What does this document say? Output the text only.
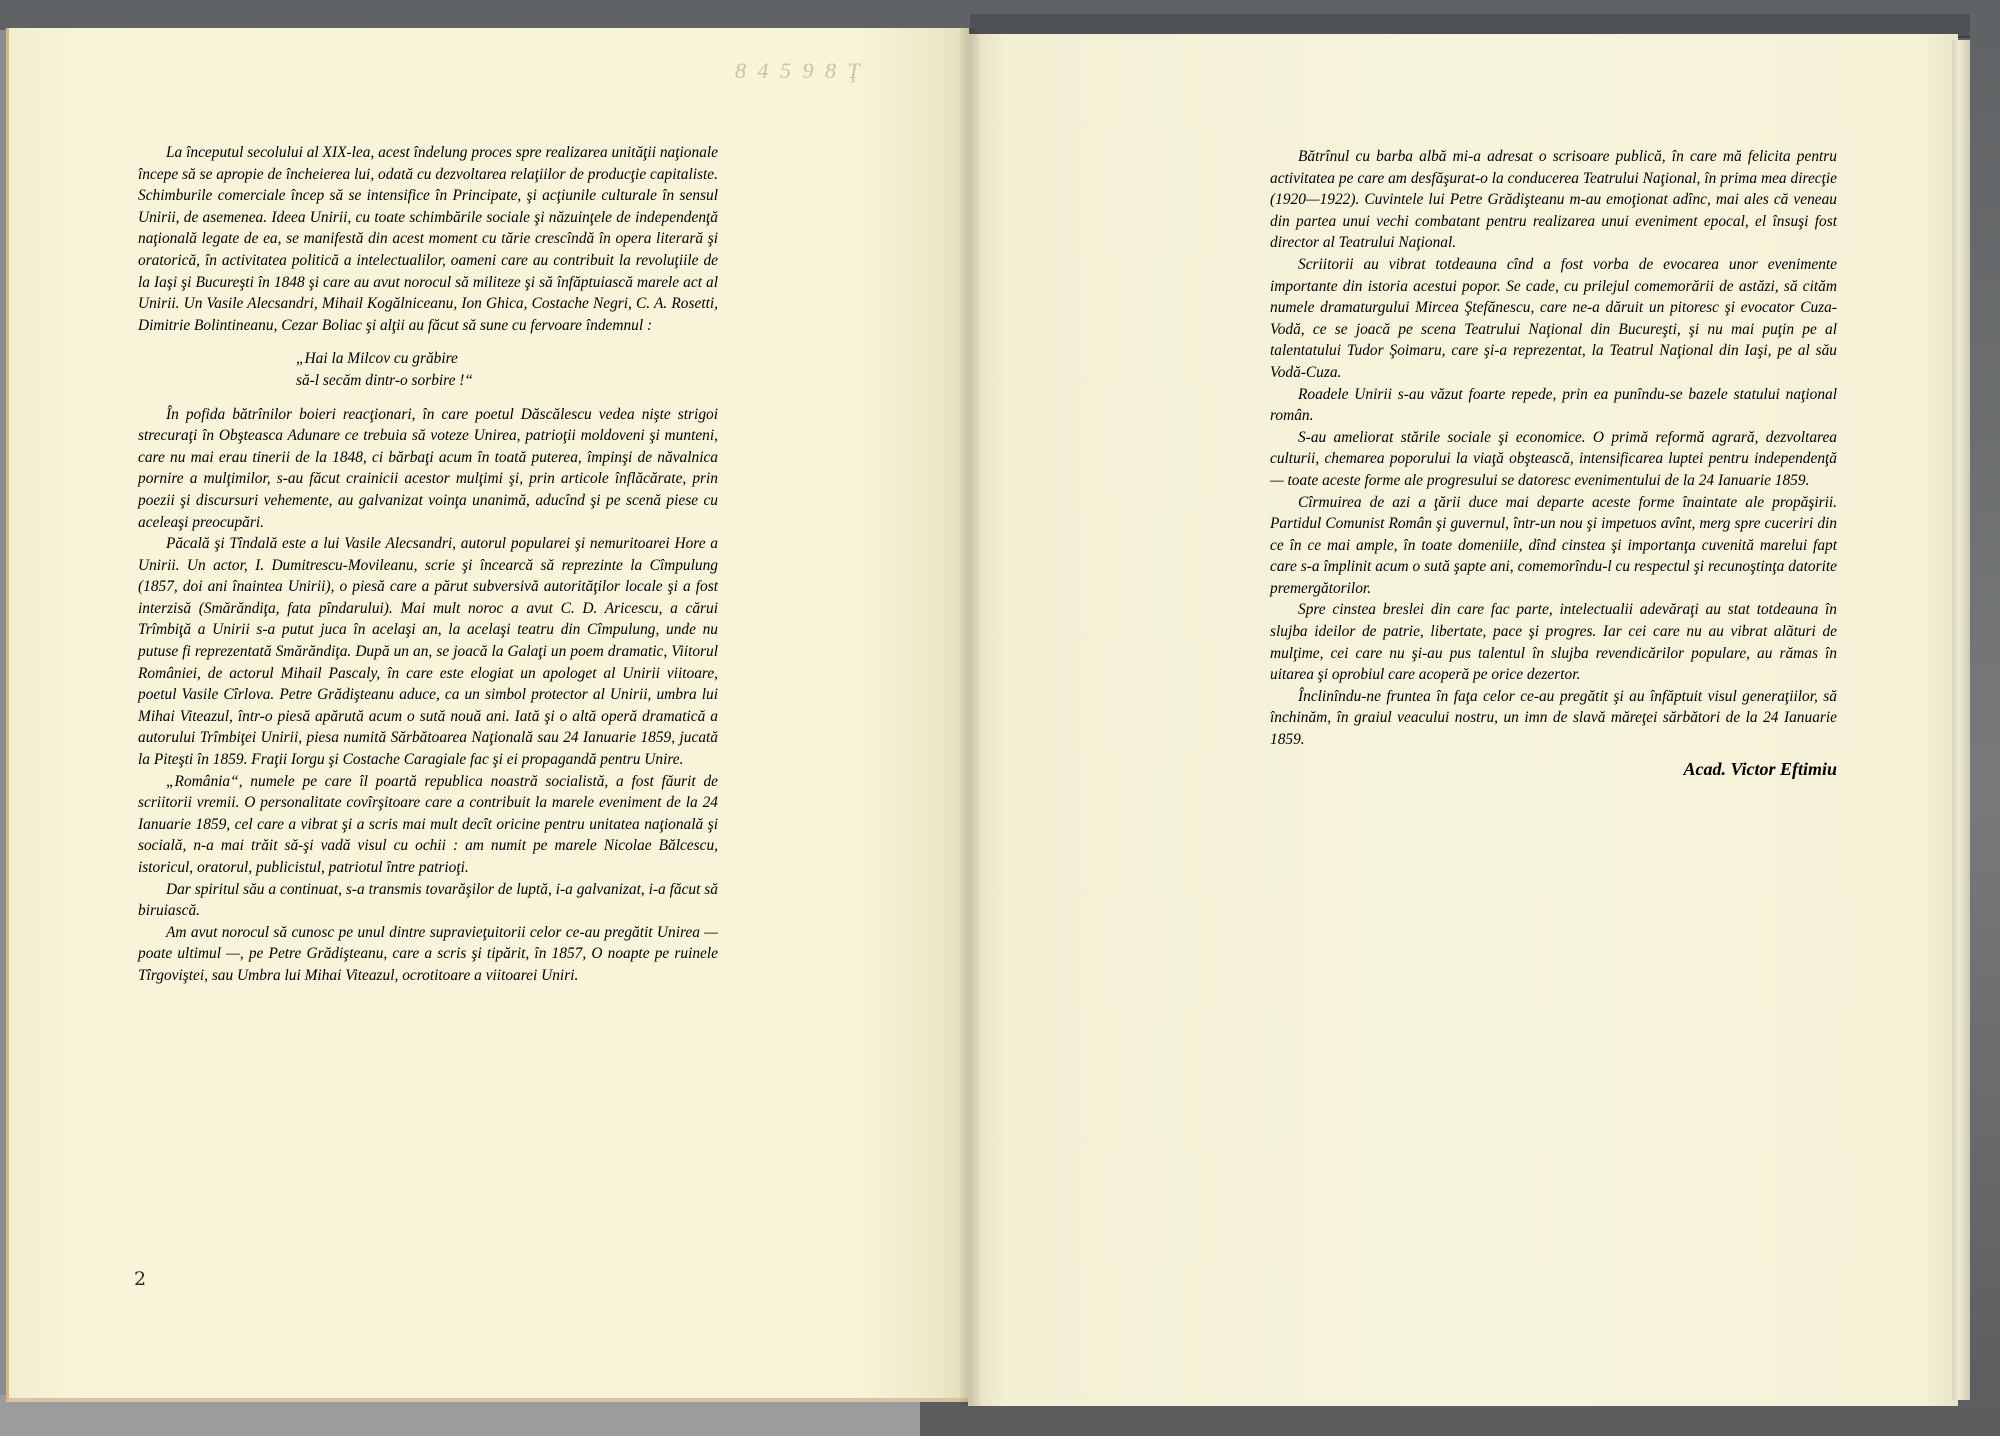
8 4 5 9 8 Ţ

La începutul secolului al XIX-lea, acest îndelung proces spre realizarea unităţii naţionale începe să se apropie de încheierea lui, odată cu dezvoltarea relaţiilor de producţie capitaliste. Schimburile comerciale încep să se intensifice în Principate, şi acţiunile culturale în sensul Unirii, de asemenea. Ideea Unirii, cu toate schimbările sociale şi năzuinţele de independenţă naţională legate de ea, se manifestă din acest moment cu tărie crescîndă în opera literară şi oratorică, în activitatea politică a intelectualilor, oameni care au contribuit la revoluţiile de la Iaşi şi Bucureşti în 1848 şi care au avut norocul să militeze şi să înfăptuiască marele act al Unirii. Un Vasile Alecsandri, Mihail Kogălniceanu, Ion Ghica, Costache Negri, C. A. Rosetti, Dimitrie Bolintineanu, Cezar Boliac şi alţii au făcut să sune cu fervoare îndemnul :

„Hai la Milcov cu grăbire
să-l secăm dintr-o sorbire !“

În pofida bătrînilor boieri reacţionari, în care poetul Dăscălescu vedea nişte strigoi strecuraţi în Obşteasca Adunare ce trebuia să voteze Unirea, patrioţii moldoveni şi munteni, care nu mai erau tinerii de la 1848, ci bărbaţi acum în toată puterea, împinşi de năvalnica pornire a mulţimilor, s-au făcut crainicii acestor mulţimi şi, prin articole înflăcărate, prin poezii şi discursuri vehemente, au galvanizat voinţa unanimă, aducînd şi pe scenă piese cu aceleaşi preocupări.

Păcală şi Tîndală este a lui Vasile Alecsandri, autorul popularei şi nemuritoarei Hore a Unirii. Un actor, I. Dumitrescu-Movileanu, scrie şi încearcă să reprezinte la Cîmpulung (1857, doi ani înaintea Unirii), o piesă care a părut subversivă autorităţilor locale şi a fost interzisă (Smărăndiţa, fata pîndarului). Mai mult noroc a avut C. D. Aricescu, a cărui Trîmbiţă a Unirii s-a putut juca în acelaşi an, la acelaşi teatru din Cîmpulung, unde nu putuse fi reprezentată Smărăndiţa. După un an, se joacă la Galaţi un poem dramatic, Viitorul României, de actorul Mihail Pascaly, în care este elogiat un apologet al Unirii viitoare, poetul Vasile Cîrlova. Petre Grădişteanu aduce, ca un simbol protector al Unirii, umbra lui Mihai Viteazul, într-o piesă apărută acum o sută nouă ani. Iată şi o altă operă dramatică a autorului Trîmbiţei Unirii, piesa numită Sărbătoarea Naţională sau 24 Ianuarie 1859, jucată la Piteşti în 1859. Fraţii Iorgu şi Costache Caragiale fac şi ei propagandă pentru Unire.

„România“, numele pe care îl poartă republica noastră socialistă, a fost făurit de scriitorii vremii. O personalitate covîrşitoare care a contribuit la marele eveniment de la 24 Ianuarie 1859, cel care a vibrat şi a scris mai mult decît oricine pentru unitatea naţională şi socială, n-a mai trăit să-şi vadă visul cu ochii : am numit pe marele Nicolae Bălcescu, istoricul, oratorul, publicistul, patriotul între patrioţi.

Dar spiritul său a continuat, s-a transmis tovarăşilor de luptă, i-a galvanizat, i-a făcut să biruiască.

Am avut norocul să cunosc pe unul dintre supravieţuitorii celor ce-au pregătit Unirea — poate ultimul —, pe Petre Grădişteanu, care a scris şi tipărit, în 1857, O noapte pe ruinele Tîrgoviştei, sau Umbra lui Mihai Viteazul, ocrotitoare a viitoarei Uniri.

2

Bătrînul cu barba albă mi-a adresat o scrisoare publică, în care mă felicita pentru activitatea pe care am desfăşurat-o la conducerea Teatrului Naţional, în prima mea direcţie (1920—1922). Cuvintele lui Petre Grădişteanu m-au emoţionat adînc, mai ales că veneau din partea unui vechi combatant pentru realizarea unui eveniment epocal, el însuşi fost director al Teatrului Naţional.

Scriitorii au vibrat totdeauna cînd a fost vorba de evocarea unor evenimente importante din istoria acestui popor. Se cade, cu prilejul comemorării de astăzi, să cităm numele dramaturgului Mircea Ştefănescu, care ne-a dăruit un pitoresc şi evocator Cuza-Vodă, ce se joacă pe scena Teatrului Naţional din Bucureşti, şi nu mai puţin pe al talentatului Tudor Şoimaru, care şi-a reprezentat, la Teatrul Naţional din Iaşi, pe al său Vodă-Cuza.

Roadele Unirii s-au văzut foarte repede, prin ea punîndu-se bazele statului naţional român.

S-au ameliorat stările sociale şi economice. O primă reformă agrară, dezvoltarea culturii, chemarea poporului la viaţă obştească, intensificarea luptei pentru independenţă — toate aceste forme ale progresului se datoresc evenimentului de la 24 Ianuarie 1859.

Cîrmuirea de azi a ţării duce mai departe aceste forme înaintate ale propăşirii. Partidul Comunist Român şi guvernul, într-un nou şi impetuos avînt, merg spre cuceriri din ce în ce mai ample, în toate domeniile, dînd cinstea şi importanţa cuvenită marelui fapt care s-a împlinit acum o sută şapte ani, comemorîndu-l cu respectul şi recunoştinţa datorite premergătorilor.

Spre cinstea breslei din care fac parte, intelectualii adevăraţi au stat totdeauna în slujba ideilor de patrie, libertate, pace şi progres. Iar cei care nu au vibrat alături de mulţime, cei care nu şi-au pus talentul în slujba revendicărilor populare, au rămas în uitarea şi oprobiul care acoperă pe orice dezertor.

Înclinîndu-ne fruntea în faţa celor ce-au pregătit şi au înfăptuit visul generaţiilor, să închinăm, în graiul veacului nostru, un imn de slavă măreţei sărbători de la 24 Ianuarie 1859.

Acad. Victor Eftimiu
